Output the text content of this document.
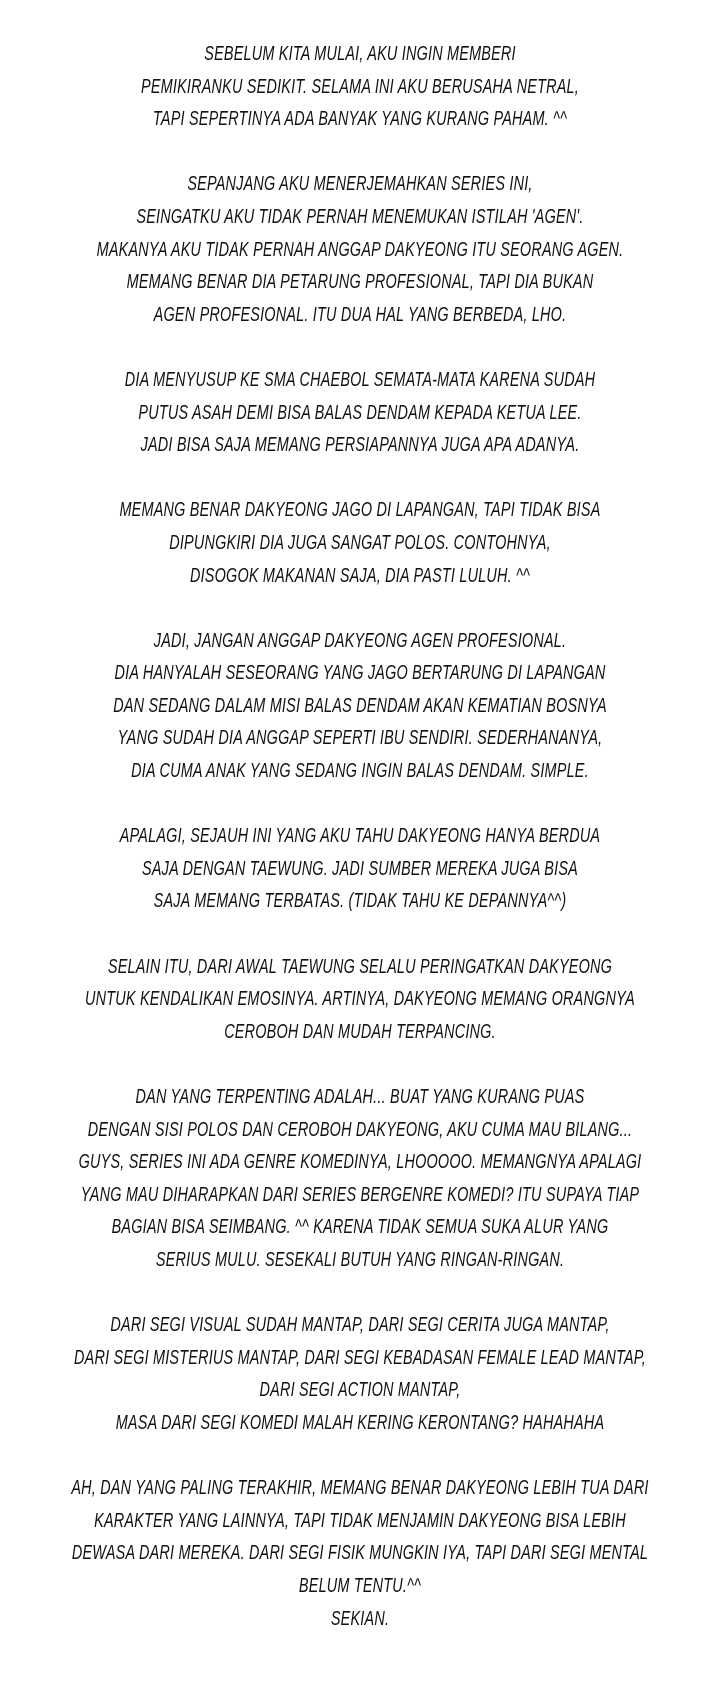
SEBELUM KITA MULAI, AKU INGIN MEMBERI
PEMIKIRANKU SEDIKIT. SELAMA INI AKU BERUSAHA NETRAL,
TAPI SEPERTINYA ADA BANYAK YANG KURANG PAHAM. ^^
SEPANJANG AKU MENERJEMAHKAN SERIES INI,
SEINGATKU AKU TIDAK PERNAH MENEMUKAN ISTILAH 'AGEN'.
MAKANYA AKU TIDAK PERNAH ANGGAP DAKYEONG ITU SEORANG AGEN.
MEMANG BENAR DIA PETARUNG PROFESIONAL, TAPI DIA BUKAN
AGEN PROFESIONAL. ITU DUA HAL YANG BERBEDA, LHO.
DIA MENYUSUP KE SMA CHAEBOL SEMATA-MATA KARENA SUDAH
PUTUS ASAH DEMI BISA BALAS DENDAM KEPADA KETUA LEE.
JADI BISA SAJA MEMANG PERSIAPANNYA JUGA APA ADANYA.
MEMANG BENAR DAKYEONG JAGO DI LAPANGAN, TAPI TIDAK BISA
DIPUNGKIRI DIA JUGA SANGAT POLOS. CONTOHNYA,
DISOGOK MAKANAN SAJA, DIA PASTI LULUH. ^^
JADI, JANGAN ANGGAP DAKYEONG AGEN PROFESIONAL.
DIA HANYALAH SESEORANG YANG JAGO BERTARUNG DI LAPANGAN
DAN SEDANG DALAM MISI BALAS DENDAM AKAN KEMATIAN BOSNYA
YANG SUDAH DIA ANGGAP SEPERTI IBU SENDIRI. SEDERHANANYA,
DIA CUMA ANAK YANG SEDANG INGIN BALAS DENDAM. SIMPLE.
APALAGI, SEJAUH INI YANG AKU TAHU DAKYEONG HANYA BERDUA
SAJA DENGAN TAEWUNG. JADI SUMBER MEREKA JUGA BISA
SAJA MEMANG TERBATAS. (TIDAK TAHU KE DEPANNYA^^)
SELAIN ITU, DARI AWAL TAEWUNG SELALU PERINGATKAN DAKYEONG
UNTUK KENDALIKAN EMOSINYA. ARTINYA, DAKYEONG MEMANG ORANGNYA
CEROBOH DAN MUDAH TERPANCING.
DAN YANG TERPENTING ADALAH... BUAT YANG KURANG PUAS
DENGAN SISI POLOS DAN CEROBOH DAKYEONG, AKU CUMA MAU BILANG...
GUYS, SERIES INI ADA GENRE KOMEDINYA, LHOOOOO. MEMANGNYA APALAGI
YANG MAU DIHARAPKAN DARI SERIES BERGENRE KOMEDI? ITU SUPAYA TIAP
BAGIAN BISA SEIMBANG. ^^ KARENA TIDAK SEMUA SUKA ALUR YANG
SERIUS MULU. SESEKALI BUTUH YANG RINGAN-RINGAN.
DARI SEGI VISUAL SUDAH MANTAP, DARI SEGI CERITA JUGA MANTAP,
DARI SEGI MISTERIUS MANTAP, DARI SEGI KEBADASAN FEMALE LEAD MANTAP,
DARI SEGI ACTION MANTAP,
MASA DARI SEGI KOMEDI MALAH KERING KERONTANG? HAHAHAHA
AH, DAN YANG PALING TERAKHIR, MEMANG BENAR DAKYEONG LEBIH TUA DARI
KARAKTER YANG LAINNYA, TAPI TIDAK MENJAMIN DAKYEONG BISA LEBIH
DEWASA DARI MEREKA. DARI SEGI FISIK MUNGKIN IYA, TAPI DARI SEGI MENTAL
BELUM TENTU.^^
SEKIAN.
